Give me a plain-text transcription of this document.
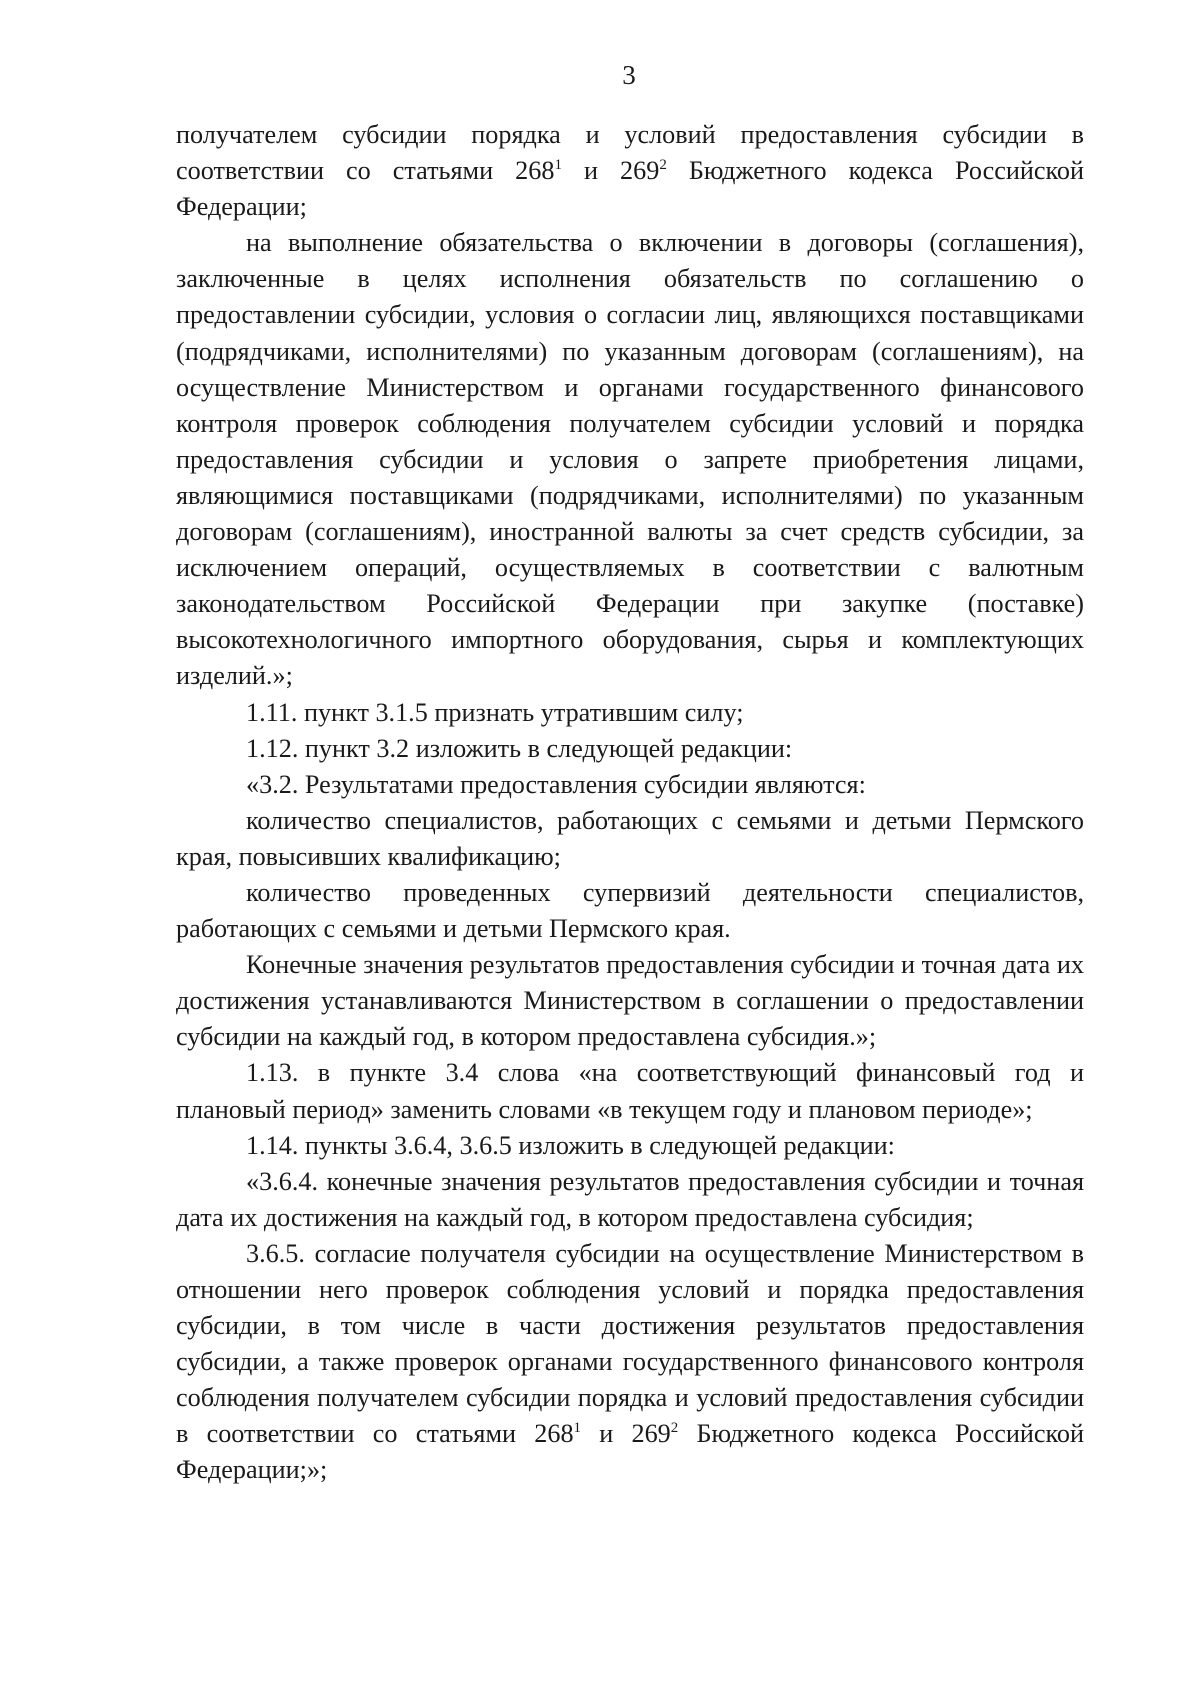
3

получателем субсидии порядка и условий предоставления субсидии в соответствии со статьями $268^1$ и $269^2$ Бюджетного кодекса Российской Федерации;

на выполнение обязательства о включении в договоры (соглашения), заключенные в целях исполнения обязательств по соглашению о предоставлении субсидии, условия о согласии лиц, являющихся поставщиками (подрядчиками, исполнителями) по указанным договорам (соглашениям), на осуществление Министерством и органами государственного финансового контроля проверок соблюдения получателем субсидии условий и порядка предоставления субсидии и условия о запрете приобретения лицами, являющимися поставщиками (подрядчиками, исполнителями) по указанным договорам (соглашениям), иностранной валюты за счет средств субсидии, за исключением операций, осуществляемых в соответствии с валютным законодательством Российской Федерации при закупке (поставке) высокотехнологичного импортного оборудования, сырья и комплектующих изделий.»;

1.11. пункт 3.1.5 признать утратившим силу;

1.12. пункт 3.2 изложить в следующей редакции:

«3.2. Результатами предоставления субсидии являются:

количество специалистов, работающих с семьями и детьми Пермского края, повысивших квалификацию;

количество проведенных супервизий деятельности специалистов, работающих с семьями и детьми Пермского края.

Конечные значения результатов предоставления субсидии и точная дата их достижения устанавливаются Министерством в соглашении о предоставлении субсидии на каждый год, в котором предоставлена субсидия.»;

1.13. в пункте 3.4 слова «на соответствующий финансовый год и плановый период» заменить словами «в текущем году и плановом периоде»;

1.14. пункты 3.6.4, 3.6.5 изложить в следующей редакции:

«3.6.4. конечные значения результатов предоставления субсидии и точная дата их достижения на каждый год, в котором предоставлена субсидия;

3.6.5. согласие получателя субсидии на осуществление Министерством в отношении него проверок соблюдения условий и порядка предоставления субсидии, в том числе в части достижения результатов предоставления субсидии, а также проверок органами государственного финансового контроля соблюдения получателем субсидии порядка и условий предоставления субсидии в соответствии со статьями $268^1$ и $269^2$ Бюджетного кодекса Российской Федерации;»;
